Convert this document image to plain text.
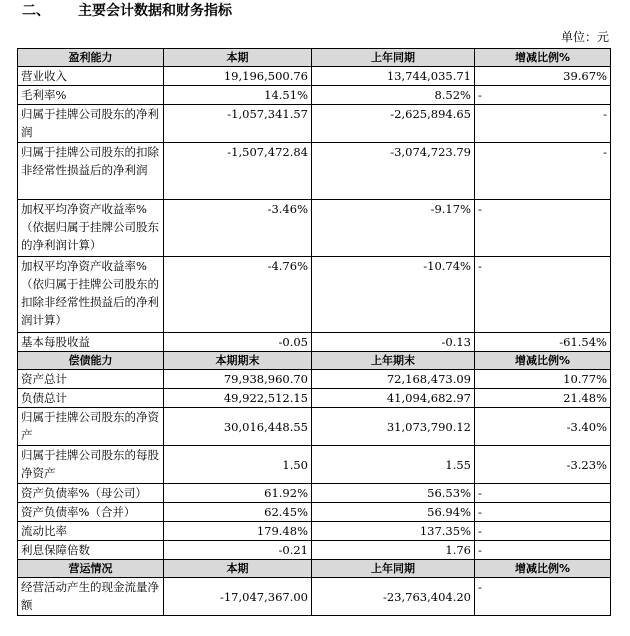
二、 主要会计数据和财务指标
单位：元
盈利能力	本期	上年同期	增减比例%
营业收入	19,196,500.76	13,744,035.71	39.67%
毛利率%	14.51%	8.52%	-
归属于挂牌公司股东的净利润	-1,057,341.57	-2,625,894.65	-
归属于挂牌公司股东的扣除非经常性损益后的净利润	-1,507,472.84	-3,074,723.79	-
加权平均净资产收益率%（依据归属于挂牌公司股东的净利润计算）	-3.46%	-9.17%	-
加权平均净资产收益率%（依归属于挂牌公司股东的扣除非经常性损益后的净利润计算）	-4.76%	-10.74%	-
基本每股收益	-0.05	-0.13	-61.54%
偿债能力	本期期末	上年期末	增减比例%
资产总计	79,938,960.70	72,168,473.09	10.77%
负债总计	49,922,512.15	41,094,682.97	21.48%
归属于挂牌公司股东的净资产	30,016,448.55	31,073,790.12	-3.40%
归属于挂牌公司股东的每股净资产	1.50	1.55	-3.23%
资产负债率%（母公司）	61.92%	56.53%	-
资产负债率%（合并）	62.45%	56.94%	-
流动比率	179.48%	137.35%	-
利息保障倍数	-0.21	1.76	-
营运情况	本期	上年同期	增减比例%
经营活动产生的现金流量净额	-17,047,367.00	-23,763,404.20	-
